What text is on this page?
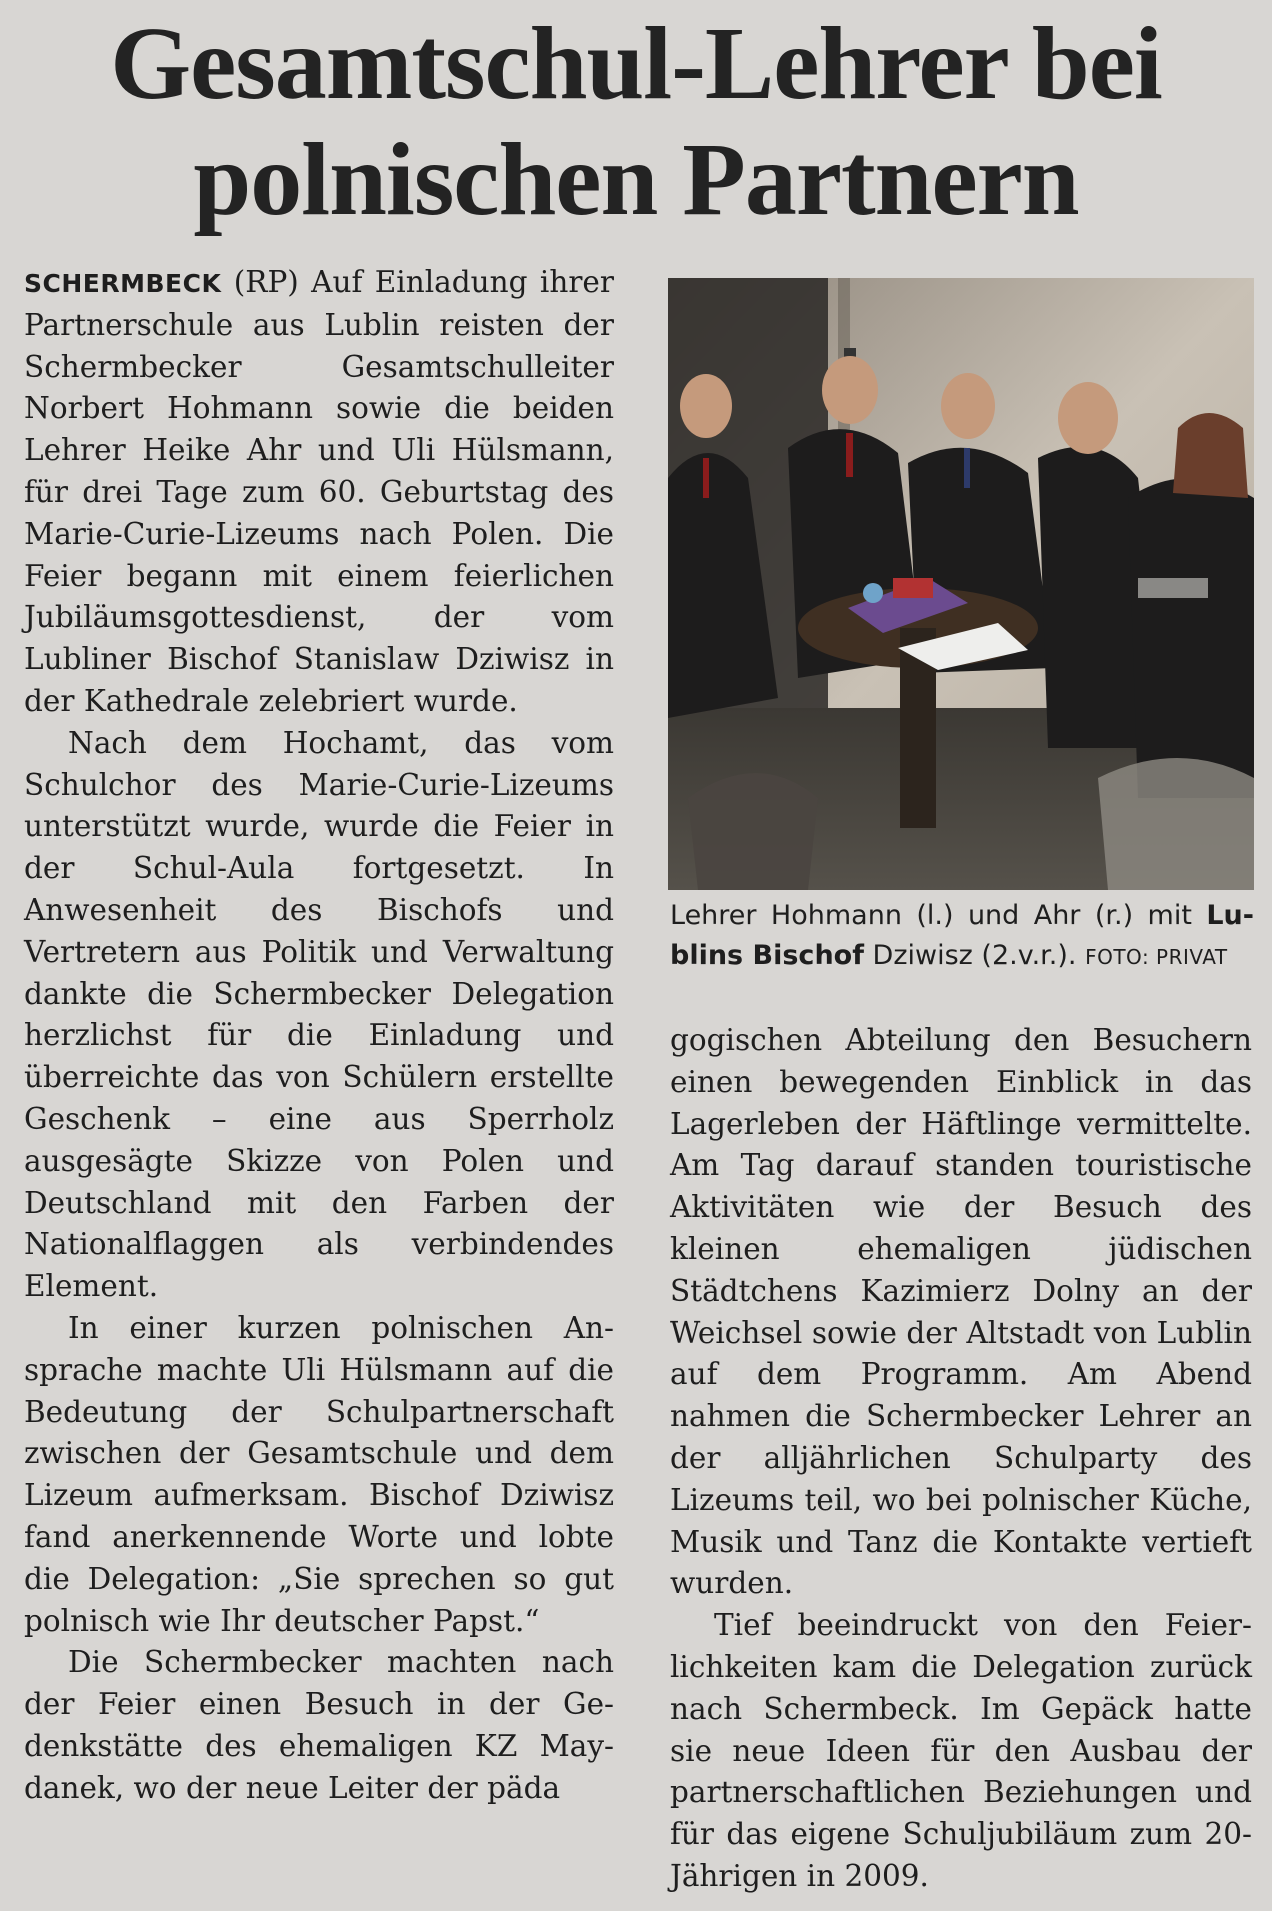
Gesamtschul-Lehrer bei
polnischen Partnern

SCHERMBECK (RP) Auf Einladung ihrer Partnerschule aus Lublin reisten der Schermbecker Gesamtschulleiter Norbert Hohmann sowie die beiden Lehrer Heike Ahr und Uli Hülsmann, für drei Tage zum 60. Geburtstag des Marie-Curie-Lizeums nach Polen. Die Feier begann mit einem feierlichen Jubiläumsgottesdienst, der vom Lubliner Bischof Stanislaw Dziwisz in der Kathedrale zelebriert wurde.

Nach dem Hochamt, das vom Schulchor des Marie-Curie-Lizeums unterstützt wurde, wurde die Feier in der Schul-Aula fortgesetzt. In Anwesenheit des Bischofs und Vertretern aus Politik und Verwaltung dankte die Schermbecker Delegation herzlichst für die Einladung und überreichte das von Schülern erstellte Geschenk – eine aus Sperrholz ausgesägte Skizze von Polen und Deutschland mit den Farben der Nationalflaggen als verbindendes Element.

In einer kurzen polnischen Ansprache machte Uli Hülsmann auf die Bedeutung der Schulpartnerschaft zwischen der Gesamtschule und dem Lizeum aufmerksam. Bischof Dziwisz fand anerkennende Worte und lobte die Delegation: „Sie sprechen so gut polnisch wie Ihr deutscher Papst.“

Die Schermbecker machten nach der Feier einen Besuch in der Gedenkstätte des ehemaligen KZ Maydanek, wo der neue Leiter der päda

Lehrer Hohmann (l.) und Ahr (r.) mit Lublins Bischof Dziwisz (2.v.r.). FOTO: PRIVAT

gogischen Abteilung den Besuchern einen bewegenden Einblick in das Lagerleben der Häftlinge vermittelte. Am Tag darauf standen touristische Aktivitäten wie der Besuch des kleinen ehemaligen jüdischen Städtchens Kazimierz Dolny an der Weichsel sowie der Altstadt von Lublin auf dem Programm. Am Abend nahmen die Schermbecker Lehrer an der alljährlichen Schulparty des Lizeums teil, wo bei polnischer Küche, Musik und Tanz die Kontakte vertieft wurden.

Tief beeindruckt von den Feierlichkeiten kam die Delegation zurück nach Schermbeck. Im Gepäck hatte sie neue Ideen für den Ausbau der partnerschaftlichen Beziehungen und für das eigene Schuljubiläum zum 20-Jährigen in 2009.
